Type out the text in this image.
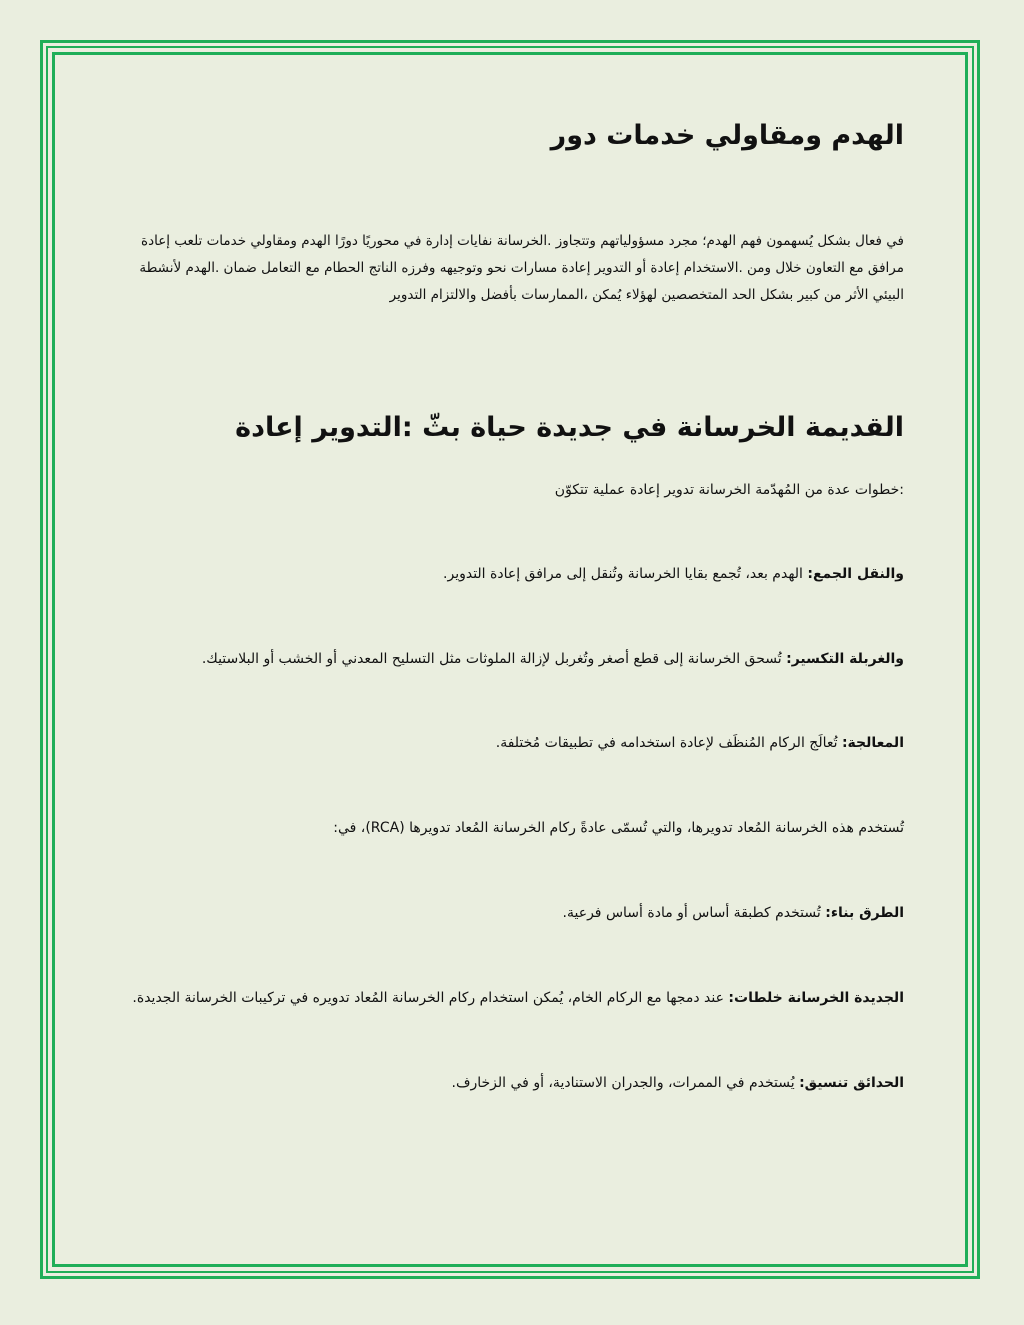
الهدم ومقاولي خدمات دور
في فعال بشكل يُسهمون فهم الهدم؛ مجرد مسؤولياتهم وتتجاوز .الخرسانة نفايات إدارة في محوريًا دورًا الهدم ومقاولي خدمات تلعب إعادة مرافق مع التعاون خلال ومن .الاستخدام إعادة أو التدوير إعادة مسارات نحو وتوجيهه وفرزه الناتج الحطام مع التعامل ضمان .الهدم لأنشطة البيئي الأثر من كبير بشكل الحد المتخصصين لهؤلاء يُمكن ،الممارسات بأفضل والالتزام التدوير
القديمة الخرسانة في جديدة حياة بثّ :التدوير إعادة
:خطوات عدة من المُهدّمة الخرسانة تدوير إعادة عملية تتكوّن
والنقل الجمع: الهدم بعد، تُجمع بقايا الخرسانة وتُنقل إلى مرافق إعادة التدوير.
والغربلة التكسير: تُسحق الخرسانة إلى قطع أصغر وتُغربل لإزالة الملوثات مثل التسليح المعدني أو الخشب أو البلاستيك.
المعالجة: تُعالَج الركام المُنظَف لإعادة استخدامه في تطبيقات مُختلفة.
تُستخدم هذه الخرسانة المُعاد تدويرها، والتي تُسمّى عادةً ركام الخرسانة المُعاد تدويرها (RCA)، في:
الطرق بناء: تُستخدم كطبقة أساس أو مادة أساس فرعية.
الجديدة الخرسانة خلطات: عند دمجها مع الركام الخام، يُمكن استخدام ركام الخرسانة المُعاد تدويره في تركيبات الخرسانة الجديدة.
الحدائق تنسيق: يُستخدم في الممرات، والجدران الاستنادية، أو في الزخارف.
